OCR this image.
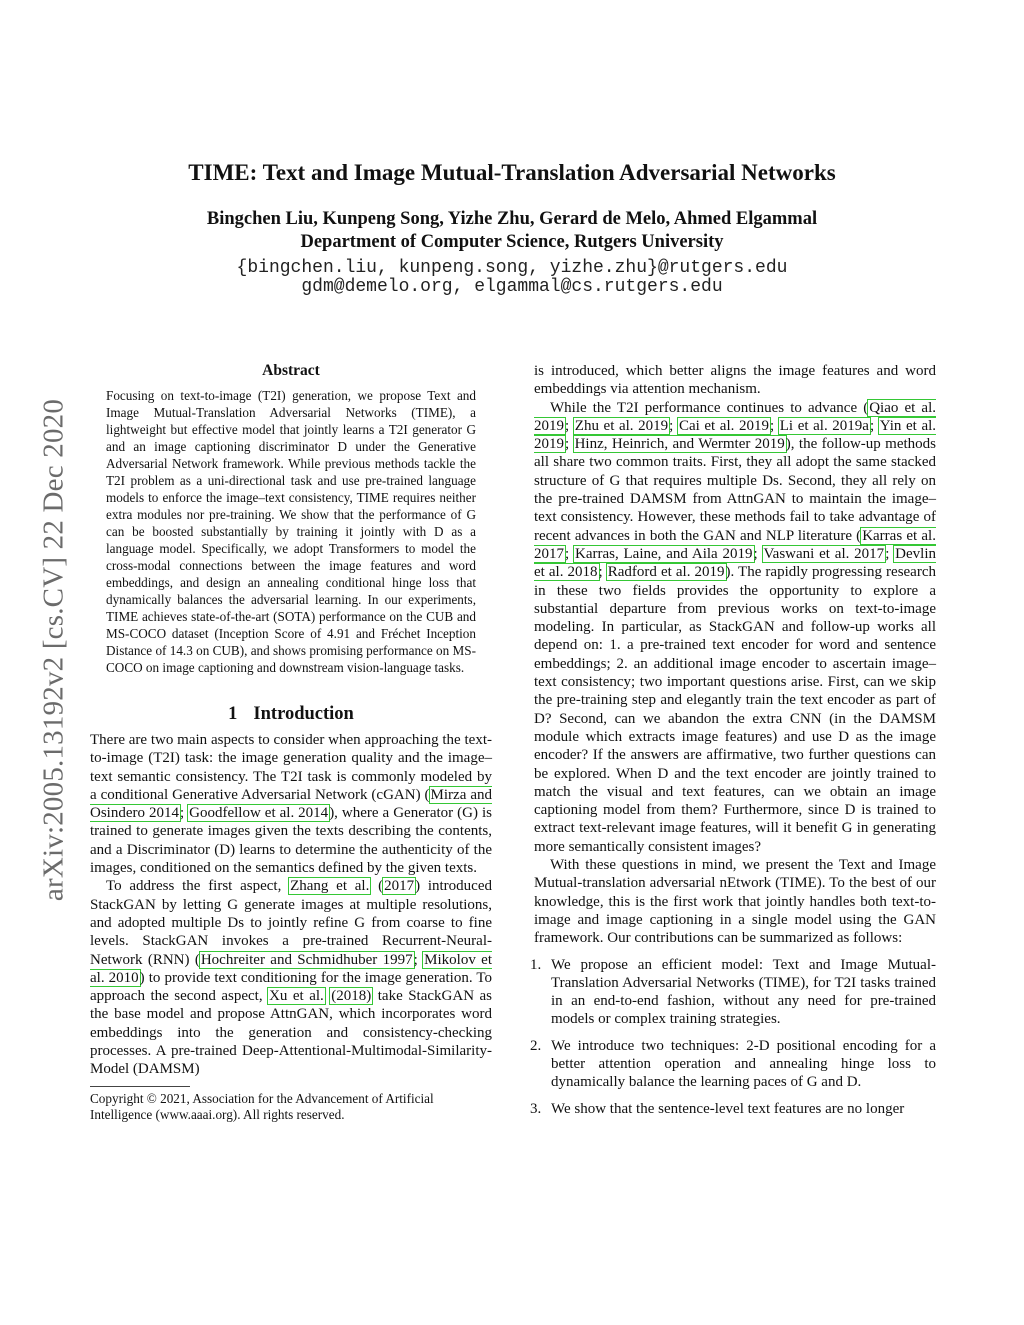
arXiv:2005.13192v2 [cs.CV] 22 Dec 2020
TIME: Text and Image Mutual-Translation Adversarial Networks
Bingchen Liu, Kunpeng Song, Yizhe Zhu, Gerard de Melo, Ahmed Elgammal
Department of Computer Science, Rutgers University
{bingchen.liu, kunpeng.song, yizhe.zhu}@rutgers.edu
gdm@demelo.org, elgammal@cs.rutgers.edu
Abstract

Focusing on text-to-image (T2I) generation, we propose Text and Image Mutual-Translation Adversarial Networks (TIME), a lightweight but effective model that jointly learns a T2I generator G and an image captioning discriminator D under the Generative Adversarial Network framework. While previous methods tackle the T2I problem as a uni-directional task and use pre-trained language models to enforce the image–text consistency, TIME requires neither extra modules nor pre-training. We show that the performance of G can be boosted substantially by training it jointly with D as a language model. Specifically, we adopt Transformers to model the cross-modal connections between the image features and word embeddings, and design an annealing conditional hinge loss that dynamically balances the adversarial learning. In our experiments, TIME achieves state-of-the-art (SOTA) performance on the CUB and MS-COCO dataset (Inception Score of 4.91 and Fréchet Inception Distance of 14.3 on CUB), and shows promising performance on MS-COCO on image captioning and downstream vision-language tasks.

1 Introduction

There are two main aspects to consider when approaching the text-to-image (T2I) task: the image generation quality and the image–text semantic consistency. The T2I task is commonly modeled by a conditional Generative Adversarial Network (cGAN) (Mirza and Osindero 2014; Goodfellow et al. 2014), where a Generator (G) is trained to generate images given the texts describing the contents, and a Discriminator (D) learns to determine the authenticity of the images, conditioned on the semantics defined by the given texts.

To address the first aspect, Zhang et al. (2017) introduced StackGAN by letting G generate images at multiple resolutions, and adopted multiple Ds to jointly refine G from coarse to fine levels. StackGAN invokes a pre-trained Recurrent-Neural-Network (RNN) (Hochreiter and Schmidhuber 1997; Mikolov et al. 2010) to provide text conditioning for the image generation. To approach the second aspect, Xu et al. (2018) take StackGAN as the base model and propose AttnGAN, which incorporates word embeddings into the generation and consistency-checking processes. A pre-trained Deep-Attentional-Multimodal-Similarity-Model (DAMSM)

Copyright © 2021, Association for the Advancement of Artificial Intelligence (www.aaai.org). All rights reserved.

is introduced, which better aligns the image features and word embeddings via attention mechanism.

While the T2I performance continues to advance (Qiao et al. 2019; Zhu et al. 2019; Cai et al. 2019; Li et al. 2019a; Yin et al. 2019; Hinz, Heinrich, and Wermter 2019), the follow-up methods all share two common traits. First, they all adopt the same stacked structure of G that requires multiple Ds. Second, they all rely on the pre-trained DAMSM from AttnGAN to maintain the image–text consistency. However, these methods fail to take advantage of recent advances in both the GAN and NLP literature (Karras et al. 2017; Karras, Laine, and Aila 2019; Vaswani et al. 2017; Devlin et al. 2018; Radford et al. 2019). The rapidly progressing research in these two fields provides the opportunity to explore a substantial departure from previous works on text-to-image modeling. In particular, as StackGAN and follow-up works all depend on: 1. a pre-trained text encoder for word and sentence embeddings; 2. an additional image encoder to ascertain image–text consistency; two important questions arise. First, can we skip the pre-training step and elegantly train the text encoder as part of D? Second, can we abandon the extra CNN (in the DAMSM module which extracts image features) and use D as the image encoder? If the answers are affirmative, two further questions can be explored. When D and the text encoder are jointly trained to match the visual and text features, can we obtain an image captioning model from them? Furthermore, since D is trained to extract text-relevant image features, will it benefit G in generating more semantically consistent images?

With these questions in mind, we present the Text and Image Mutual-translation adversarial nEtwork (TIME). To the best of our knowledge, this is the first work that jointly handles both text-to-image and image captioning in a single model using the GAN framework. Our contributions can be summarized as follows:

1. We propose an efficient model: Text and Image Mutual-Translation Adversarial Networks (TIME), for T2I tasks trained in an end-to-end fashion, without any need for pre-trained models or complex training strategies.
2. We introduce two techniques: 2-D positional encoding for a better attention operation and annealing hinge loss to dynamically balance the learning paces of G and D.
3. We show that the sentence-level text features are no longer
